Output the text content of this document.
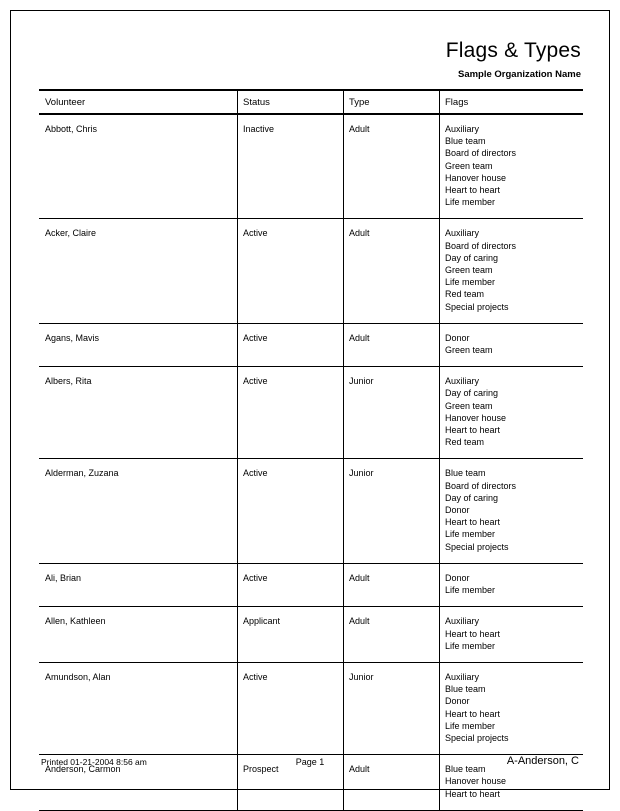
Flags & Types
Sample Organization Name
Volunteer	Status	Type	Flags
Abbott, Chris	Inactive	Adult	Auxiliary
Blue team
Board of directors
Green team
Hanover house
Heart to heart
Life member

Acker, Claire	Active	Adult	Auxiliary
Board of directors
Day of caring
Green team
Life member
Red team
Special projects

Agans, Mavis	Active	Adult	Donor
Green team

Albers, Rita	Active	Junior	Auxiliary
Day of caring
Green team
Hanover house
Heart to heart
Red team

Alderman, Zuzana	Active	Junior	Blue team
Board of directors
Day of caring
Donor
Heart to heart
Life member
Special projects

Ali, Brian	Active	Adult	Donor
Life member

Allen, Kathleen	Applicant	Adult	Auxiliary
Heart to heart
Life member

Amundson, Alan	Active	Junior	Auxiliary
Blue team
Donor
Heart to heart
Life member
Special projects

Anderson, Carmon	Prospect	Adult	Blue team
Hanover house
Heart to heart
Printed 01-21-2004 8:56 am	Page 1	A-Anderson, C
